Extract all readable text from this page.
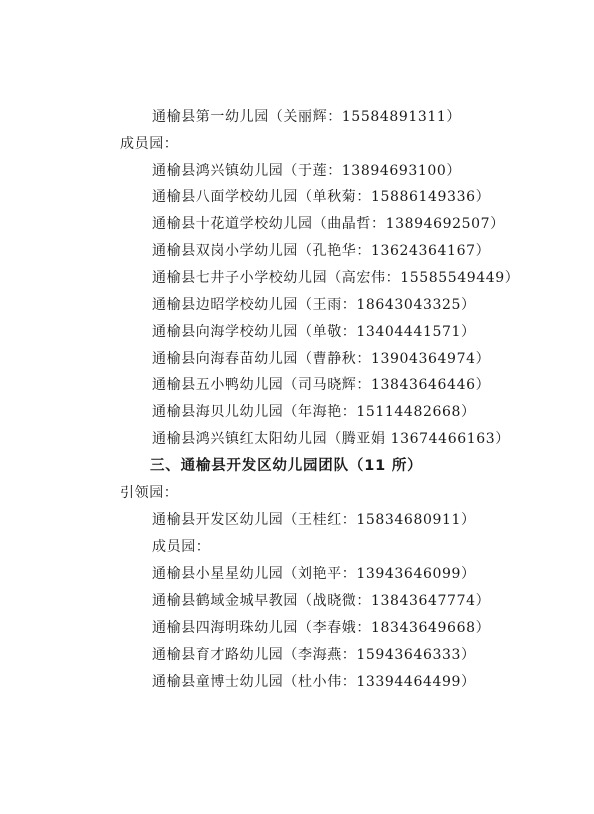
通榆县第一幼儿园（关丽辉：15584891311）
成员园：
通榆县鸿兴镇幼儿园（于莲：13894693100）
通榆县八面学校幼儿园（单秋菊：15886149336）
通榆县十花道学校幼儿园（曲晶哲：13894692507）
通榆县双岗小学幼儿园（孔艳华：13624364167）
通榆县七井子小学校幼儿园（高宏伟：15585549449）
通榆县边昭学校幼儿园（王雨：18643043325）
通榆县向海学校幼儿园（单敬：13404441571）
通榆县向海春苗幼儿园（曹静秋：13904364974）
通榆县五小鸭幼儿园（司马晓辉：13843646446）
通榆县海贝儿幼儿园（年海艳：15114482668）
通榆县鸿兴镇红太阳幼儿园（腾亚娟 13674466163）
三、通榆县开发区幼儿园团队（11 所）
引领园：
通榆县开发区幼儿园（王桂红：15834680911）
成员园：
通榆县小星星幼儿园（刘艳平：13943646099）
通榆县鹤域金城早教园（战晓微：13843647774）
通榆县四海明珠幼儿园（李春娥：18343649668）
通榆县育才路幼儿园（李海燕：15943646333）
通榆县童博士幼儿园（杜小伟：13394464499）
